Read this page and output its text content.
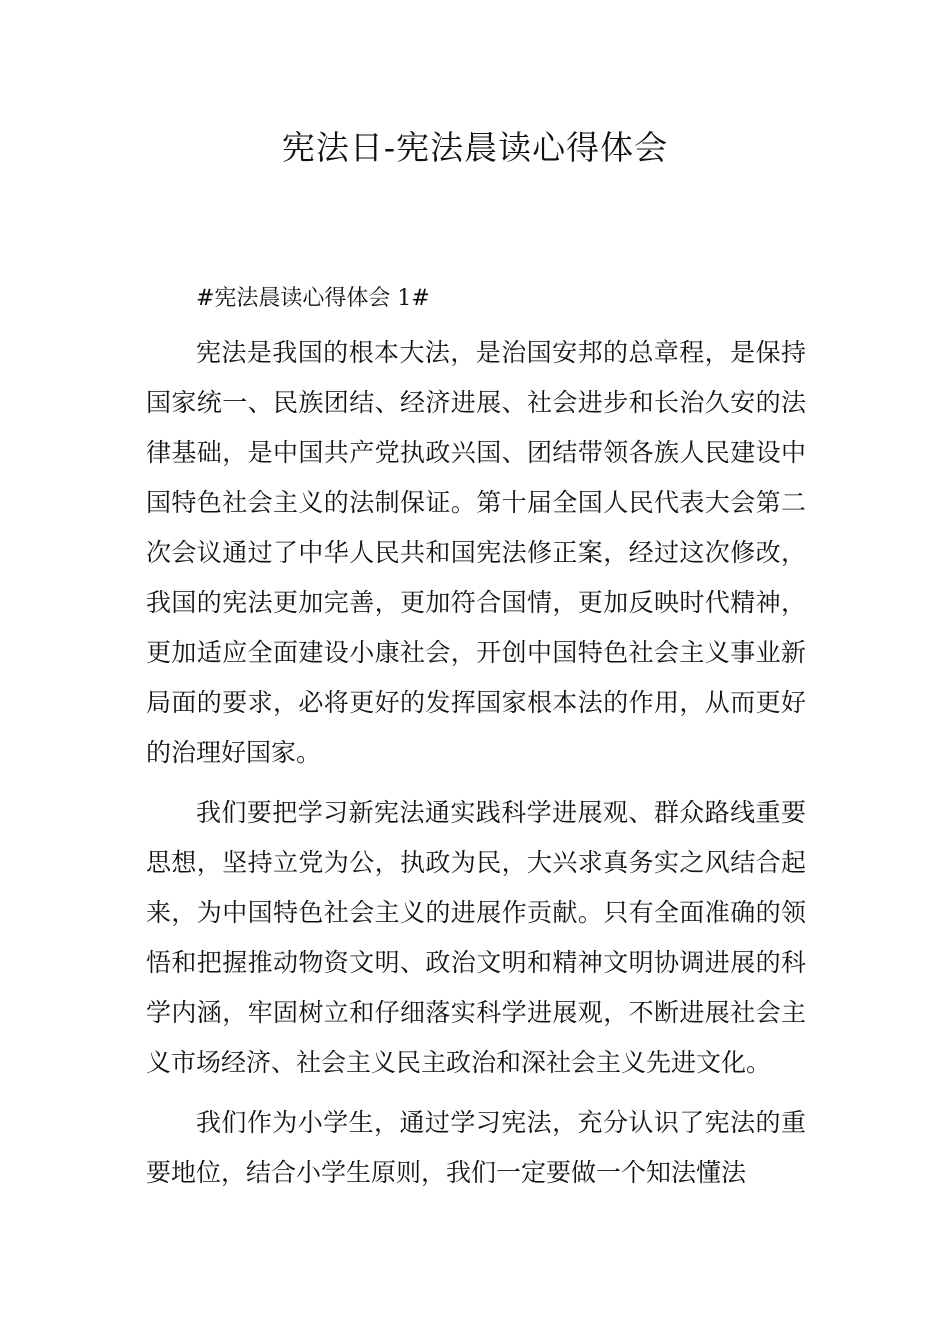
宪法日-宪法晨读心得体会

#宪法晨读心得体会 1#

宪法是我国的根本大法，是治国安邦的总章程，是保持国家统一、民族团结、经济进展、社会进步和长治久安的法律基础，是中国共产党执政兴国、团结带领各族人民建设中国特色社会主义的法制保证。第十届全国人民代表大会第二次会议通过了中华人民共和国宪法修正案，经过这次修改，我国的宪法更加完善，更加符合国情，更加反映时代精神，更加适应全面建设小康社会，开创中国特色社会主义事业新局面的要求，必将更好的发挥国家根本法的作用，从而更好的治理好国家。

我们要把学习新宪法通实践科学进展观、群众路线重要思想，坚持立党为公，执政为民，大兴求真务实之风结合起来，为中国特色社会主义的进展作贡献。只有全面准确的领悟和把握推动物资文明、政治文明和精神文明协调进展的科学内涵，牢固树立和仔细落实科学进展观，不断进展社会主义市场经济、社会主义民主政治和深社会主义先进文化。

我们作为小学生，通过学习宪法，充分认识了宪法的重要地位，结合小学生原则，我们一定要做一个知法懂法
